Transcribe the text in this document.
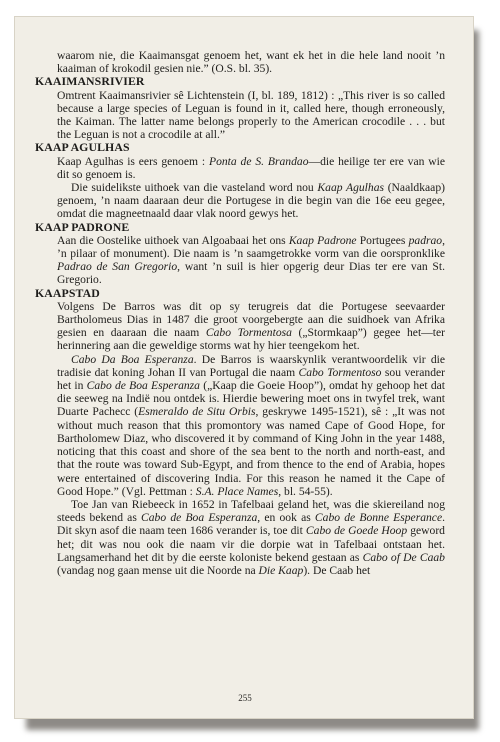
waarom nie, die Kaaimansgat genoem het, want ek het in die hele land nooit ’n kaaiman of krokodil gesien nie.” (O.S. bl. 35).

KAAIMANSRIVIER

Omtrent Kaaimansrivier sê Lichtenstein (I, bl. 189, 1812) : „This river is so called because a large species of Leguan is found in it, called here, though erroneously, the Kaiman. The latter name belongs properly to the American crocodile . . . but the Leguan is not a crocodile at all.”

KAAP AGULHAS

Kaap Agulhas is eers genoem : Ponta de S. Brandao—die heilige ter ere van wie dit so genoem is.

Die suidelikste uithoek van die vasteland word nou Kaap Agulhas (Naaldkaap) genoem, ’n naam daaraan deur die Portugese in die begin van die 16e eeu gegee, omdat die magneetnaald daar vlak noord gewys het.

KAAP PADRONE

Aan die Oostelike uithoek van Algoabaai het ons Kaap Padrone Portugees padrao, ’n pilaar of monument). Die naam is ’n saamgetrokke vorm van die oorspronklike Padrao de San Gregorio, want ’n suil is hier opgerig deur Dias ter ere van St. Gregorio.

KAAPSTAD

Volgens De Barros was dit op sy terugreis dat die Portugese seevaarder Bartholomeus Dias in 1487 die groot voorgebergte aan die suidhoek van Afrika gesien en daaraan die naam Cabo Tormentosa („Stormkaap”) gegee het—ter herinnering aan die geweldige storms wat hy hier teengekom het.

Cabo Da Boa Esperanza. De Barros is waarskynlik verantwoordelik vir die tradisie dat koning Johan II van Portugal die naam Cabo Tormentoso sou verander het in Cabo de Boa Esperanza („Kaap die Goeie Hoop”), omdat hy gehoop het dat die seeweg na Indië nou ontdek is. Hierdie bewering moet ons in twyfel trek, want Duarte Pachecc (Esmeraldo de Situ Orbis, geskrywe 1495-1521), sê : „It was not without much reason that this promontory was named Cape of Good Hope, for Bartholomew Diaz, who discovered it by command of King John in the year 1488, noticing that this coast and shore of the sea bent to the north and north-east, and that the route was toward Sub-Egypt, and from thence to the end of Arabia, hopes were entertained of discovering India. For this reason he named it the Cape of Good Hope.” (Vgl. Pettman : S.A. Place Names, bl. 54-55).

Toe Jan van Riebeeck in 1652 in Tafelbaai geland het, was die skiereiland nog steeds bekend as Cabo de Boa Esperanza, en ook as Cabo de Bonne Esperance. Dit skyn asof die naam teen 1686 verander is, toe dit Cabo de Goede Hoop geword het; dit was nou ook die naam vir die dorpie wat in Tafelbaai ontstaan het. Langsamerhand het dit by die eerste koloniste bekend gestaan as Cabo of De Caab (vandag nog gaan mense uit die Noorde na Die Kaap). De Caab het

255
